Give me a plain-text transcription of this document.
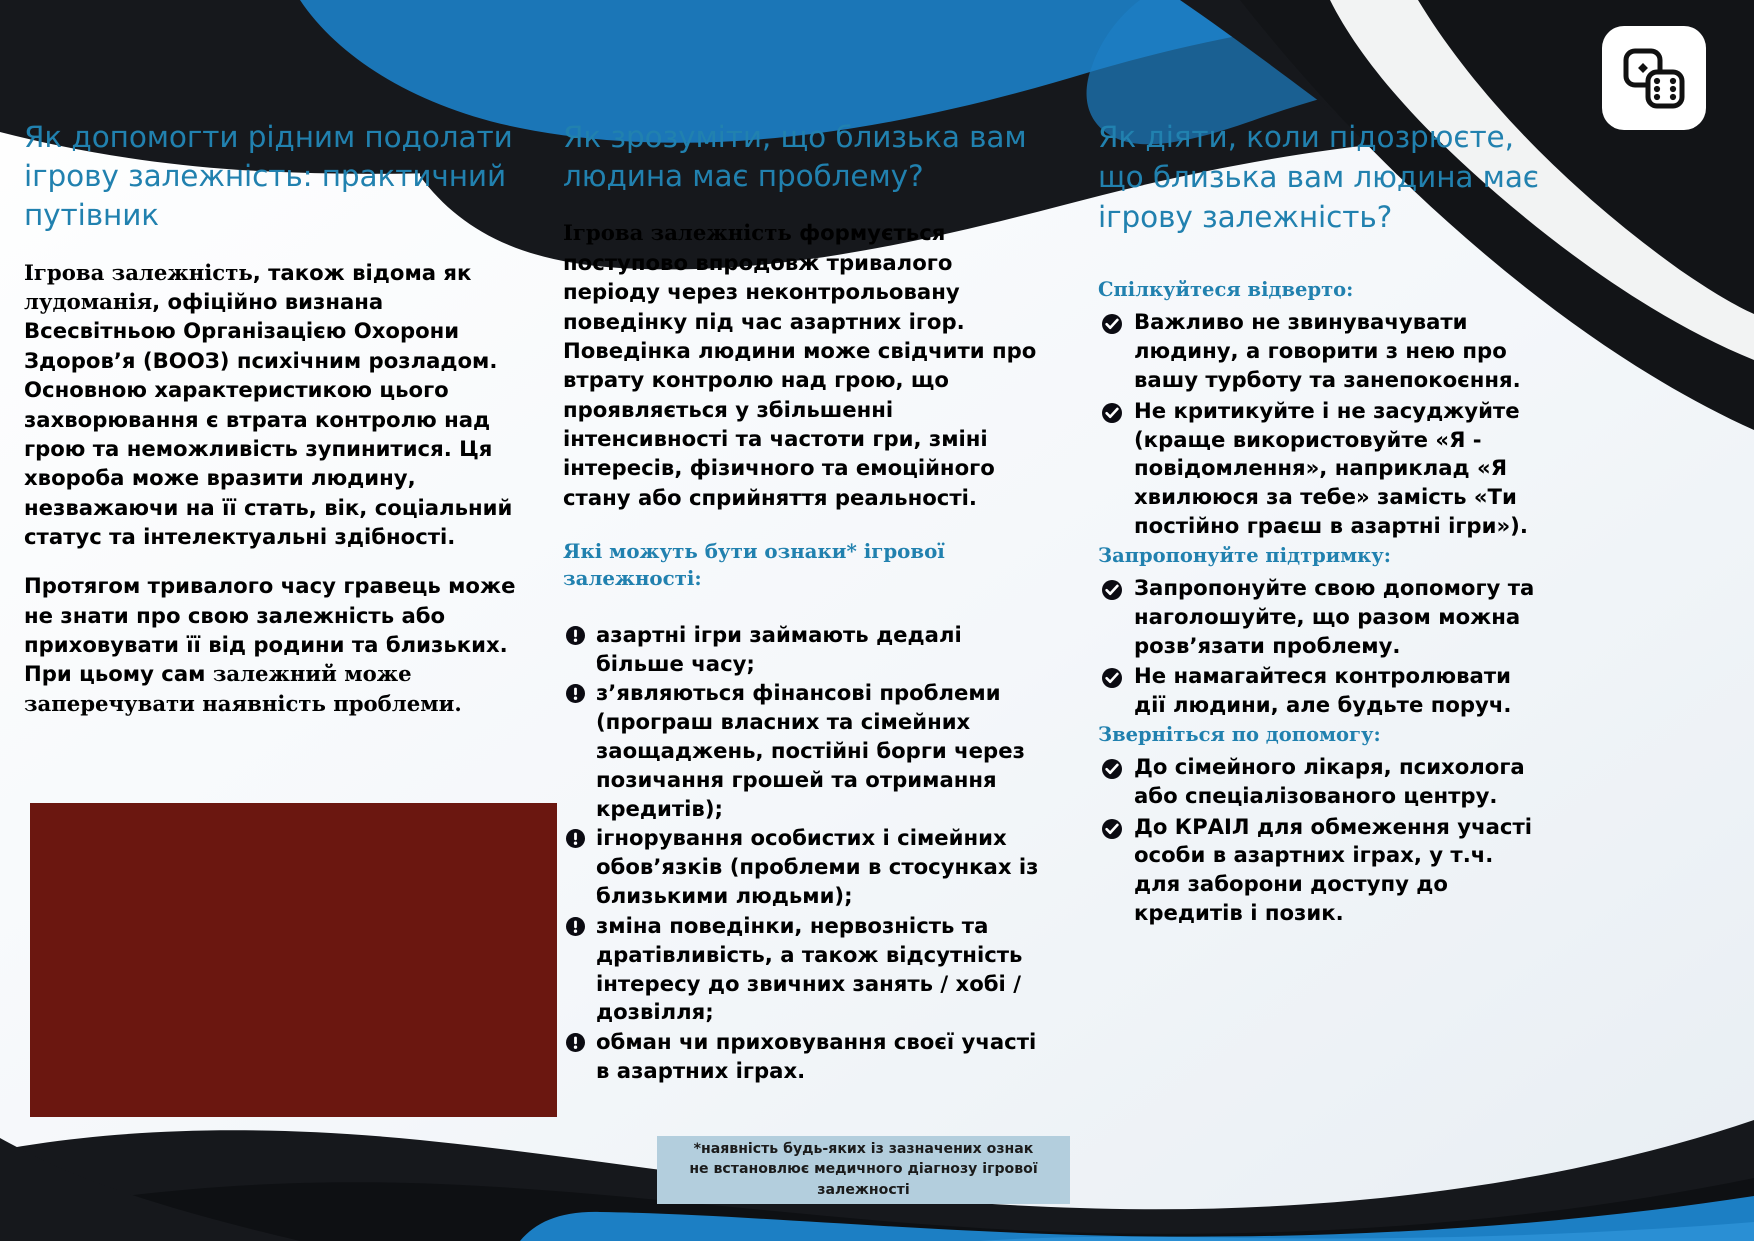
*наявність будь-яких із зазначених ознак
не встановлює медичного діагнозу ігрової залежності
Як допомогти рідним подолати ігрову залежність: практичний путівник

Ігрова залежність, також відома як лудоманія, офіційно визнана Всесвітньою Організацією Охорони Здоров’я (ВООЗ) психічним розладом. Основною характеристикою цього захворювання є втрата контролю над грою та неможливість зупинитися. Ця хвороба може вразити людину, незважаючи на її стать, вік, соціальний статус та інтелектуальні здібності.

Протягом тривалого часу гравець може не знати про свою залежність або приховувати її від родини та близьких. При цьому сам залежний може заперечувати наявність проблеми.

Як зрозуміти, що близька вам людина має проблему?

Ігрова залежність формується поступово впродовж тривалого періоду через неконтрольовану поведінку під час азартних ігор. Поведінка людини може свідчити про втрату контролю над грою, що проявляється у збільшенні інтенсивності та частоти гри, зміні інтересів, фізичного та емоційного стану або сприйняття реальності.

Які можуть бути ознаки* ігрової залежності:
азартні ігри займають дедалі більше часу;
з’являються фінансові проблеми (програш власних та сімейних заощаджень, постійні борги через позичання грошей та отримання кредитів);
ігнорування особистих і сімейних обов’язків (проблеми в стосунках із близькими людьми);
зміна поведінки, нервозність та дратівливість, а також відсутність інтересу до звичних занять / хобі / дозвілля;
обман чи приховування своєї участі в азартних іграх.
Як діяти, коли підозрюєте, що близька вам людина має ігрову залежність?
Спілкуйтеся відверто:
Важливо не звинувачувати людину, а говорити з нею про вашу турботу та занепокоєння.
Не критикуйте і не засуджуйте (краще використовуйте «Я - повідомлення», наприклад «Я хвилююся за тебе» замість «Ти постійно граєш в азартні ігри»).
Запропонуйте підтримку:
Запропонуйте свою допомогу та наголошуйте, що разом можна розв’язати проблему.
Не намагайтеся контролювати дії людини, але будьте поруч.
Зверніться по допомогу:
До сімейного лікаря, психолога або спеціалізованого центру.
До КРАІЛ для обмеження участі особи в азартних іграх, у т.ч. для заборони доступу до кредитів і позик.
